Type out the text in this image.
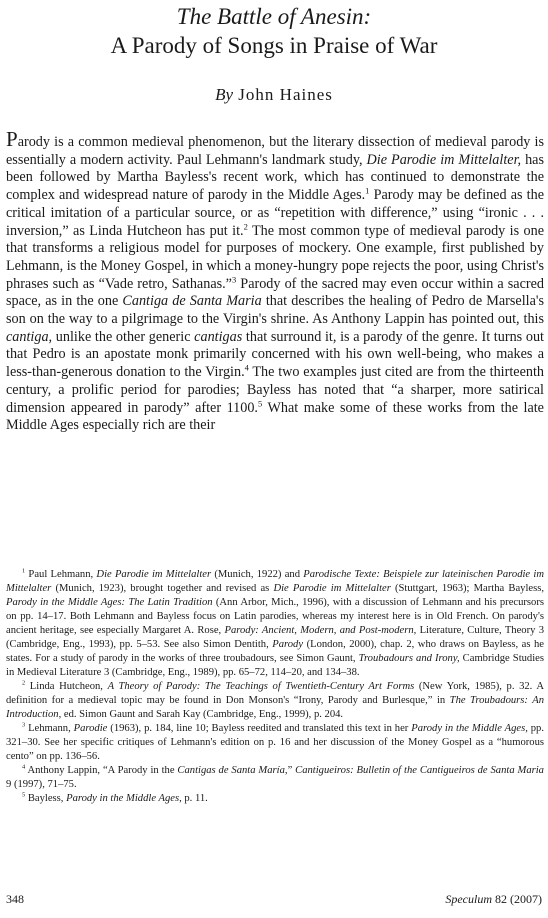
The Battle of Anesin:
A Parody of Songs in Praise of War
By John Haines
Parody is a common medieval phenomenon, but the literary dissection of medieval parody is essentially a modern activity. Paul Lehmann's landmark study, Die Parodie im Mittelalter, has been followed by Martha Bayless's recent work, which has continued to demonstrate the complex and widespread nature of parody in the Middle Ages.$^1$ Parody may be defined as the critical imitation of a particular source, or as “repetition with difference,” using “ironic . . . inversion,” as Linda Hutcheon has put it.$^2$ The most common type of medieval parody is one that transforms a religious model for purposes of mockery. One example, first published by Lehmann, is the Money Gospel, in which a money-hungry pope rejects the poor, using Christ's phrases such as “Vade retro, Sathanas.”$^3$ Parody of the sacred may even occur within a sacred space, as in the one Cantiga de Santa Maria that describes the healing of Pedro de Marsella's son on the way to a pilgrimage to the Virgin's shrine. As Anthony Lappin has pointed out, this cantiga, unlike the other generic cantigas that surround it, is a parody of the genre. It turns out that Pedro is an apostate monk primarily concerned with his own well-being, who makes a less-than-generous donation to the Virgin.$^4$ The two examples just cited are from the thirteenth century, a prolific period for parodies; Bayless has noted that “a sharper, more satirical dimension appeared in parody” after 1100.$^5$ What make some of these works from the late Middle Ages especially rich are their

$^1$ Paul Lehmann, Die Parodie im Mittelalter (Munich, 1922) and Parodische Texte: Beispiele zur lateinischen Parodie im Mittelalter (Munich, 1923), brought together and revised as Die Parodie im Mittelalter (Stuttgart, 1963); Martha Bayless, Parody in the Middle Ages: The Latin Tradition (Ann Arbor, Mich., 1996), with a discussion of Lehmann and his precursors on pp. 14–17. Both Lehmann and Bayless focus on Latin parodies, whereas my interest here is in Old French. On parody's ancient heritage, see especially Margaret A. Rose, Parody: Ancient, Modern, and Post-modern, Literature, Culture, Theory 3 (Cambridge, Eng., 1993), pp. 5–53. See also Simon Dentith, Parody (London, 2000), chap. 2, who draws on Bayless, as he states. For a study of parody in the works of three troubadours, see Simon Gaunt, Troubadours and Irony, Cambridge Studies in Medieval Literature 3 (Cambridge, Eng., 1989), pp. 65–72, 114–20, and 134–38.

$^2$ Linda Hutcheon, A Theory of Parody: The Teachings of Twentieth-Century Art Forms (New York, 1985), p. 32. A definition for a medieval topic may be found in Don Monson's “Irony, Parody and Burlesque,” in The Troubadours: An Introduction, ed. Simon Gaunt and Sarah Kay (Cambridge, Eng., 1999), p. 204.

$^3$ Lehmann, Parodie (1963), p. 184, line 10; Bayless reedited and translated this text in her Parody in the Middle Ages, pp. 321–30. See her specific critiques of Lehmann's edition on p. 16 and her discussion of the Money Gospel as a “humorous cento” on pp. 136–56.

$^4$ Anthony Lappin, “A Parody in the Cantigas de Santa María,” Cantigueiros: Bulletin of the Cantigueiros de Santa Maria 9 (1997), 71–75.

$^5$ Bayless, Parody in the Middle Ages, p. 11.

348	Speculum 82 (2007)
